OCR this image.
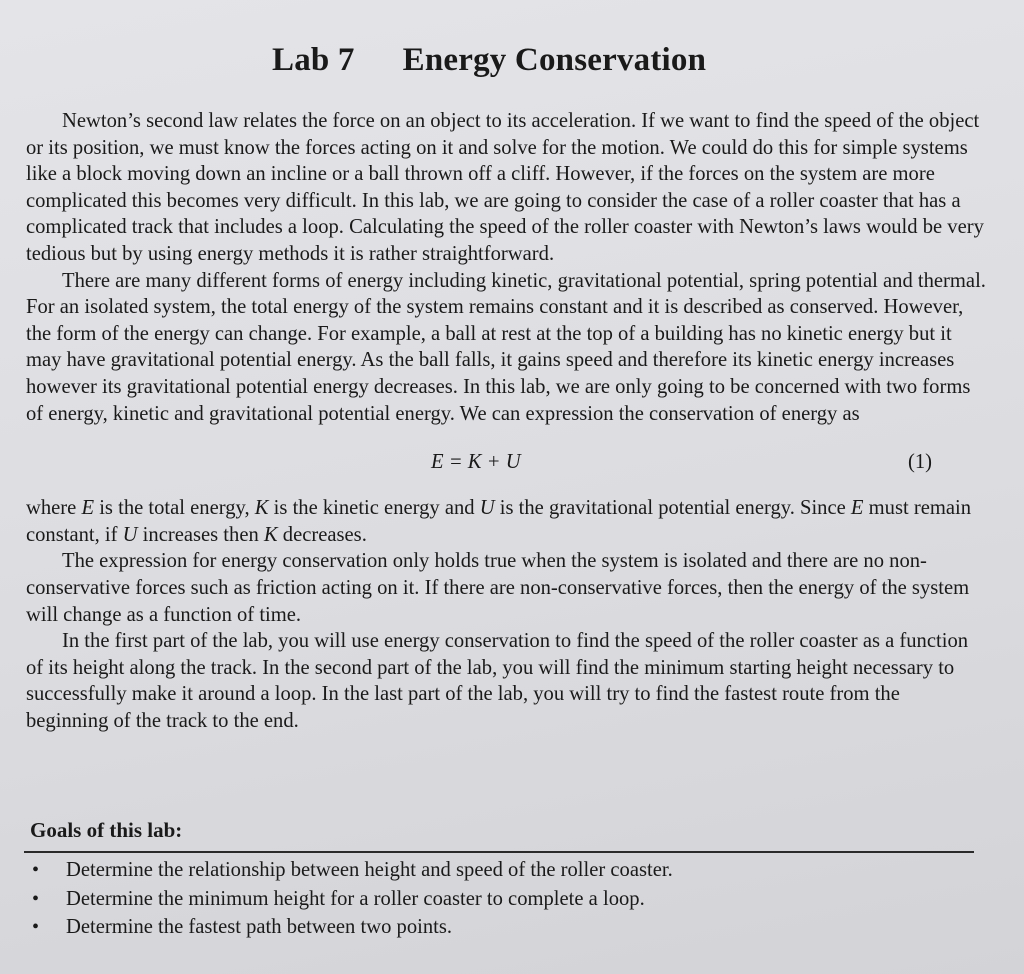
Lab 7 Energy Conservation

Newton’s second law relates the force on an object to its acceleration. If we want to find the speed of the object or its position, we must know the forces acting on it and solve for the motion. We could do this for simple systems like a block moving down an incline or a ball thrown off a cliff. However, if the forces on the system are more complicated this becomes very difficult. In this lab, we are going to consider the case of a roller coaster that has a complicated track that includes a loop. Calculating the speed of the roller coaster with Newton’s laws would be very tedious but by using energy methods it is rather straightforward.

There are many different forms of energy including kinetic, gravitational potential, spring potential and thermal. For an isolated system, the total energy of the system remains constant and it is described as conserved. However, the form of the energy can change. For example, a ball at rest at the top of a building has no kinetic energy but it may have gravitational potential energy. As the ball falls, it gains speed and therefore its kinetic energy increases however its gravitational potential energy decreases. In this lab, we are only going to be concerned with two forms of energy, kinetic and gravitational potential energy. We can expression the conservation of energy as

E = K + U	(1)

where E is the total energy, K is the kinetic energy and U is the gravitational potential energy. Since E must remain constant, if U increases then K decreases.

The expression for energy conservation only holds true when the system is isolated and there are no non-conservative forces such as friction acting on it. If there are non-conservative forces, then the energy of the system will change as a function of time.

In the first part of the lab, you will use energy conservation to find the speed of the roller coaster as a function of its height along the track. In the second part of the lab, you will find the minimum starting height necessary to successfully make it around a loop. In the last part of the lab, you will try to find the fastest route from the beginning of the track to the end.

Goals of this lab:
• Determine the relationship between height and speed of the roller coaster.
• Determine the minimum height for a roller coaster to complete a loop.
• Determine the fastest path between two points.
